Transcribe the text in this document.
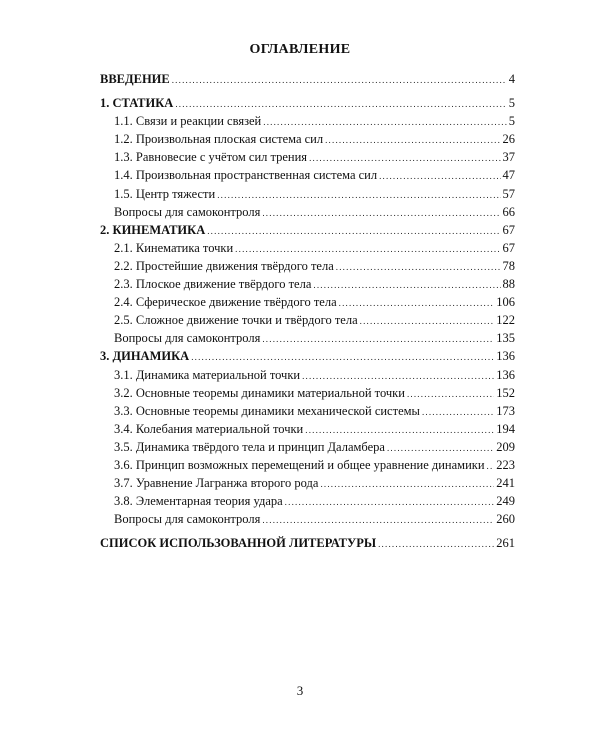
ОГЛАВЛЕНИЕ
ВВЕДЕНИЕ .....	4
1. СТАТИКА .....	5
1.1. Связи и реакции связей .....	5
1.2. Произвольная плоская система сил .....	26
1.3. Равновесие с учётом сил трения .....	37
1.4. Произвольная пространственная система сил .....	47
1.5. Центр тяжести .....	57
Вопросы для самоконтроля .....	66
2. КИНЕМАТИКА .....	67
2.1. Кинематика точки .....	67
2.2. Простейшие движения твёрдого тела .....	78
2.3. Плоское движение твёрдого тела .....	88
2.4. Сферическое движение твёрдого тела .....	106
2.5. Сложное движение точки и твёрдого тела .....	122
Вопросы для самоконтроля .....	135
3. ДИНАМИКА .....	136
3.1. Динамика материальной точки .....	136
3.2. Основные теоремы динамики материальной точки .....	152
3.3. Основные теоремы динамики механической системы .....	173
3.4. Колебания материальной точки .....	194
3.5. Динамика твёрдого тела и принцип Даламбера .....	209
3.6. Принцип возможных перемещений и общее уравнение динамики ..... 223
3.7. Уравнение Лагранжа второго рода .....	241
3.8. Элементарная теория удара .....	249
Вопросы для самоконтроля .....	260
СПИСОК ИСПОЛЬЗОВАННОЙ ЛИТЕРАТУРЫ .....	261
3
